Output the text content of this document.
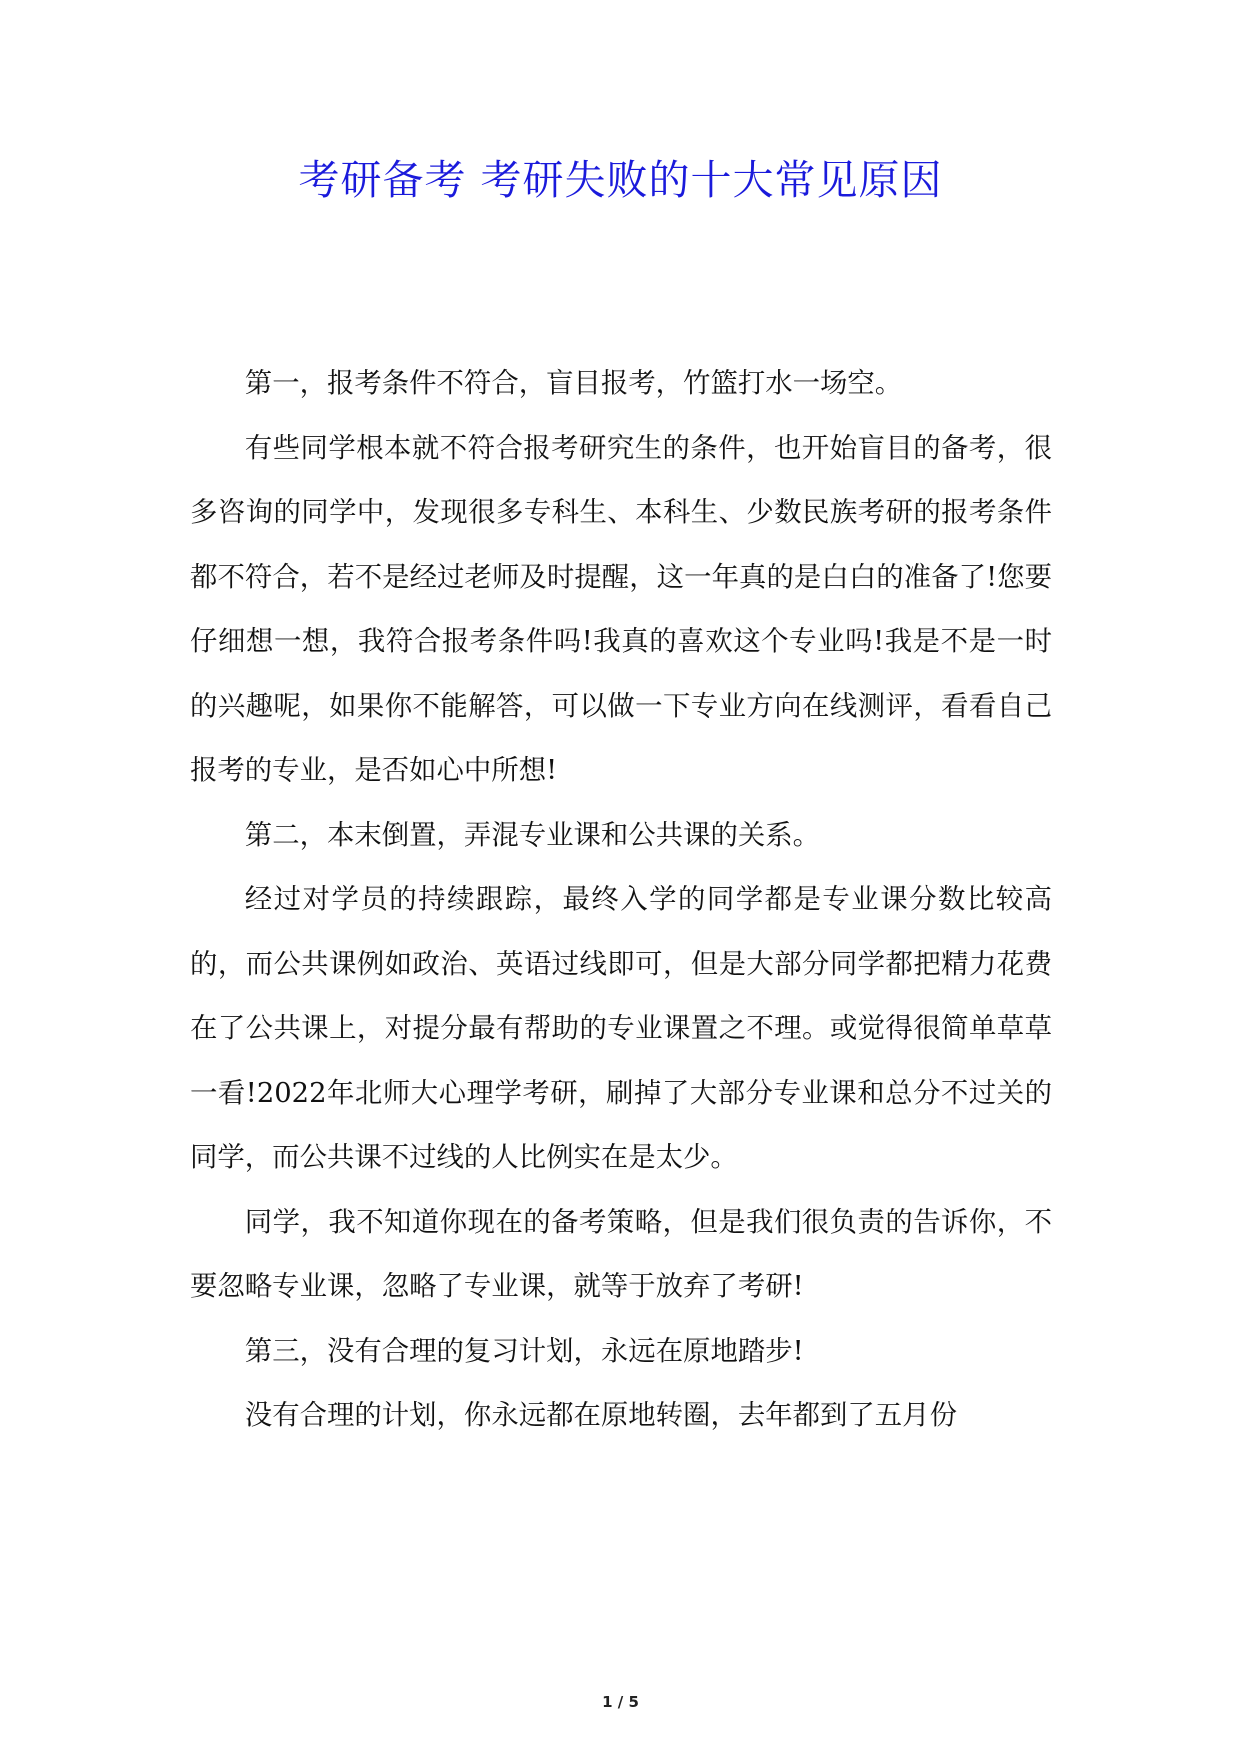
考研备考 考研失败的十大常见原因

第一，报考条件不符合，盲目报考，竹篮打水一场空。

有些同学根本就不符合报考研究生的条件，也开始盲目的备考，很多咨询的同学中，发现很多专科生、本科生、少数民族考研的报考条件都不符合，若不是经过老师及时提醒，这一年真的是白白的准备了!您要仔细想一想，我符合报考条件吗!我真的喜欢这个专业吗!我是不是一时的兴趣呢，如果你不能解答，可以做一下专业方向在线测评，看看自己报考的专业，是否如心中所想!

第二，本末倒置，弄混专业课和公共课的关系。

经过对学员的持续跟踪，最终入学的同学都是专业课分数比较高的，而公共课例如政治、英语过线即可，但是大部分同学都把精力花费在了公共课上，对提分最有帮助的专业课置之不理。或觉得很简单草草一看!2022年北师大心理学考研，刷掉了大部分专业课和总分不过关的同学，而公共课不过线的人比例实在是太少。

同学，我不知道你现在的备考策略，但是我们很负责的告诉你，不要忽略专业课，忽略了专业课，就等于放弃了考研!

第三，没有合理的复习计划，永远在原地踏步!

没有合理的计划，你永远都在原地转圈，去年都到了五月份

1 / 5
